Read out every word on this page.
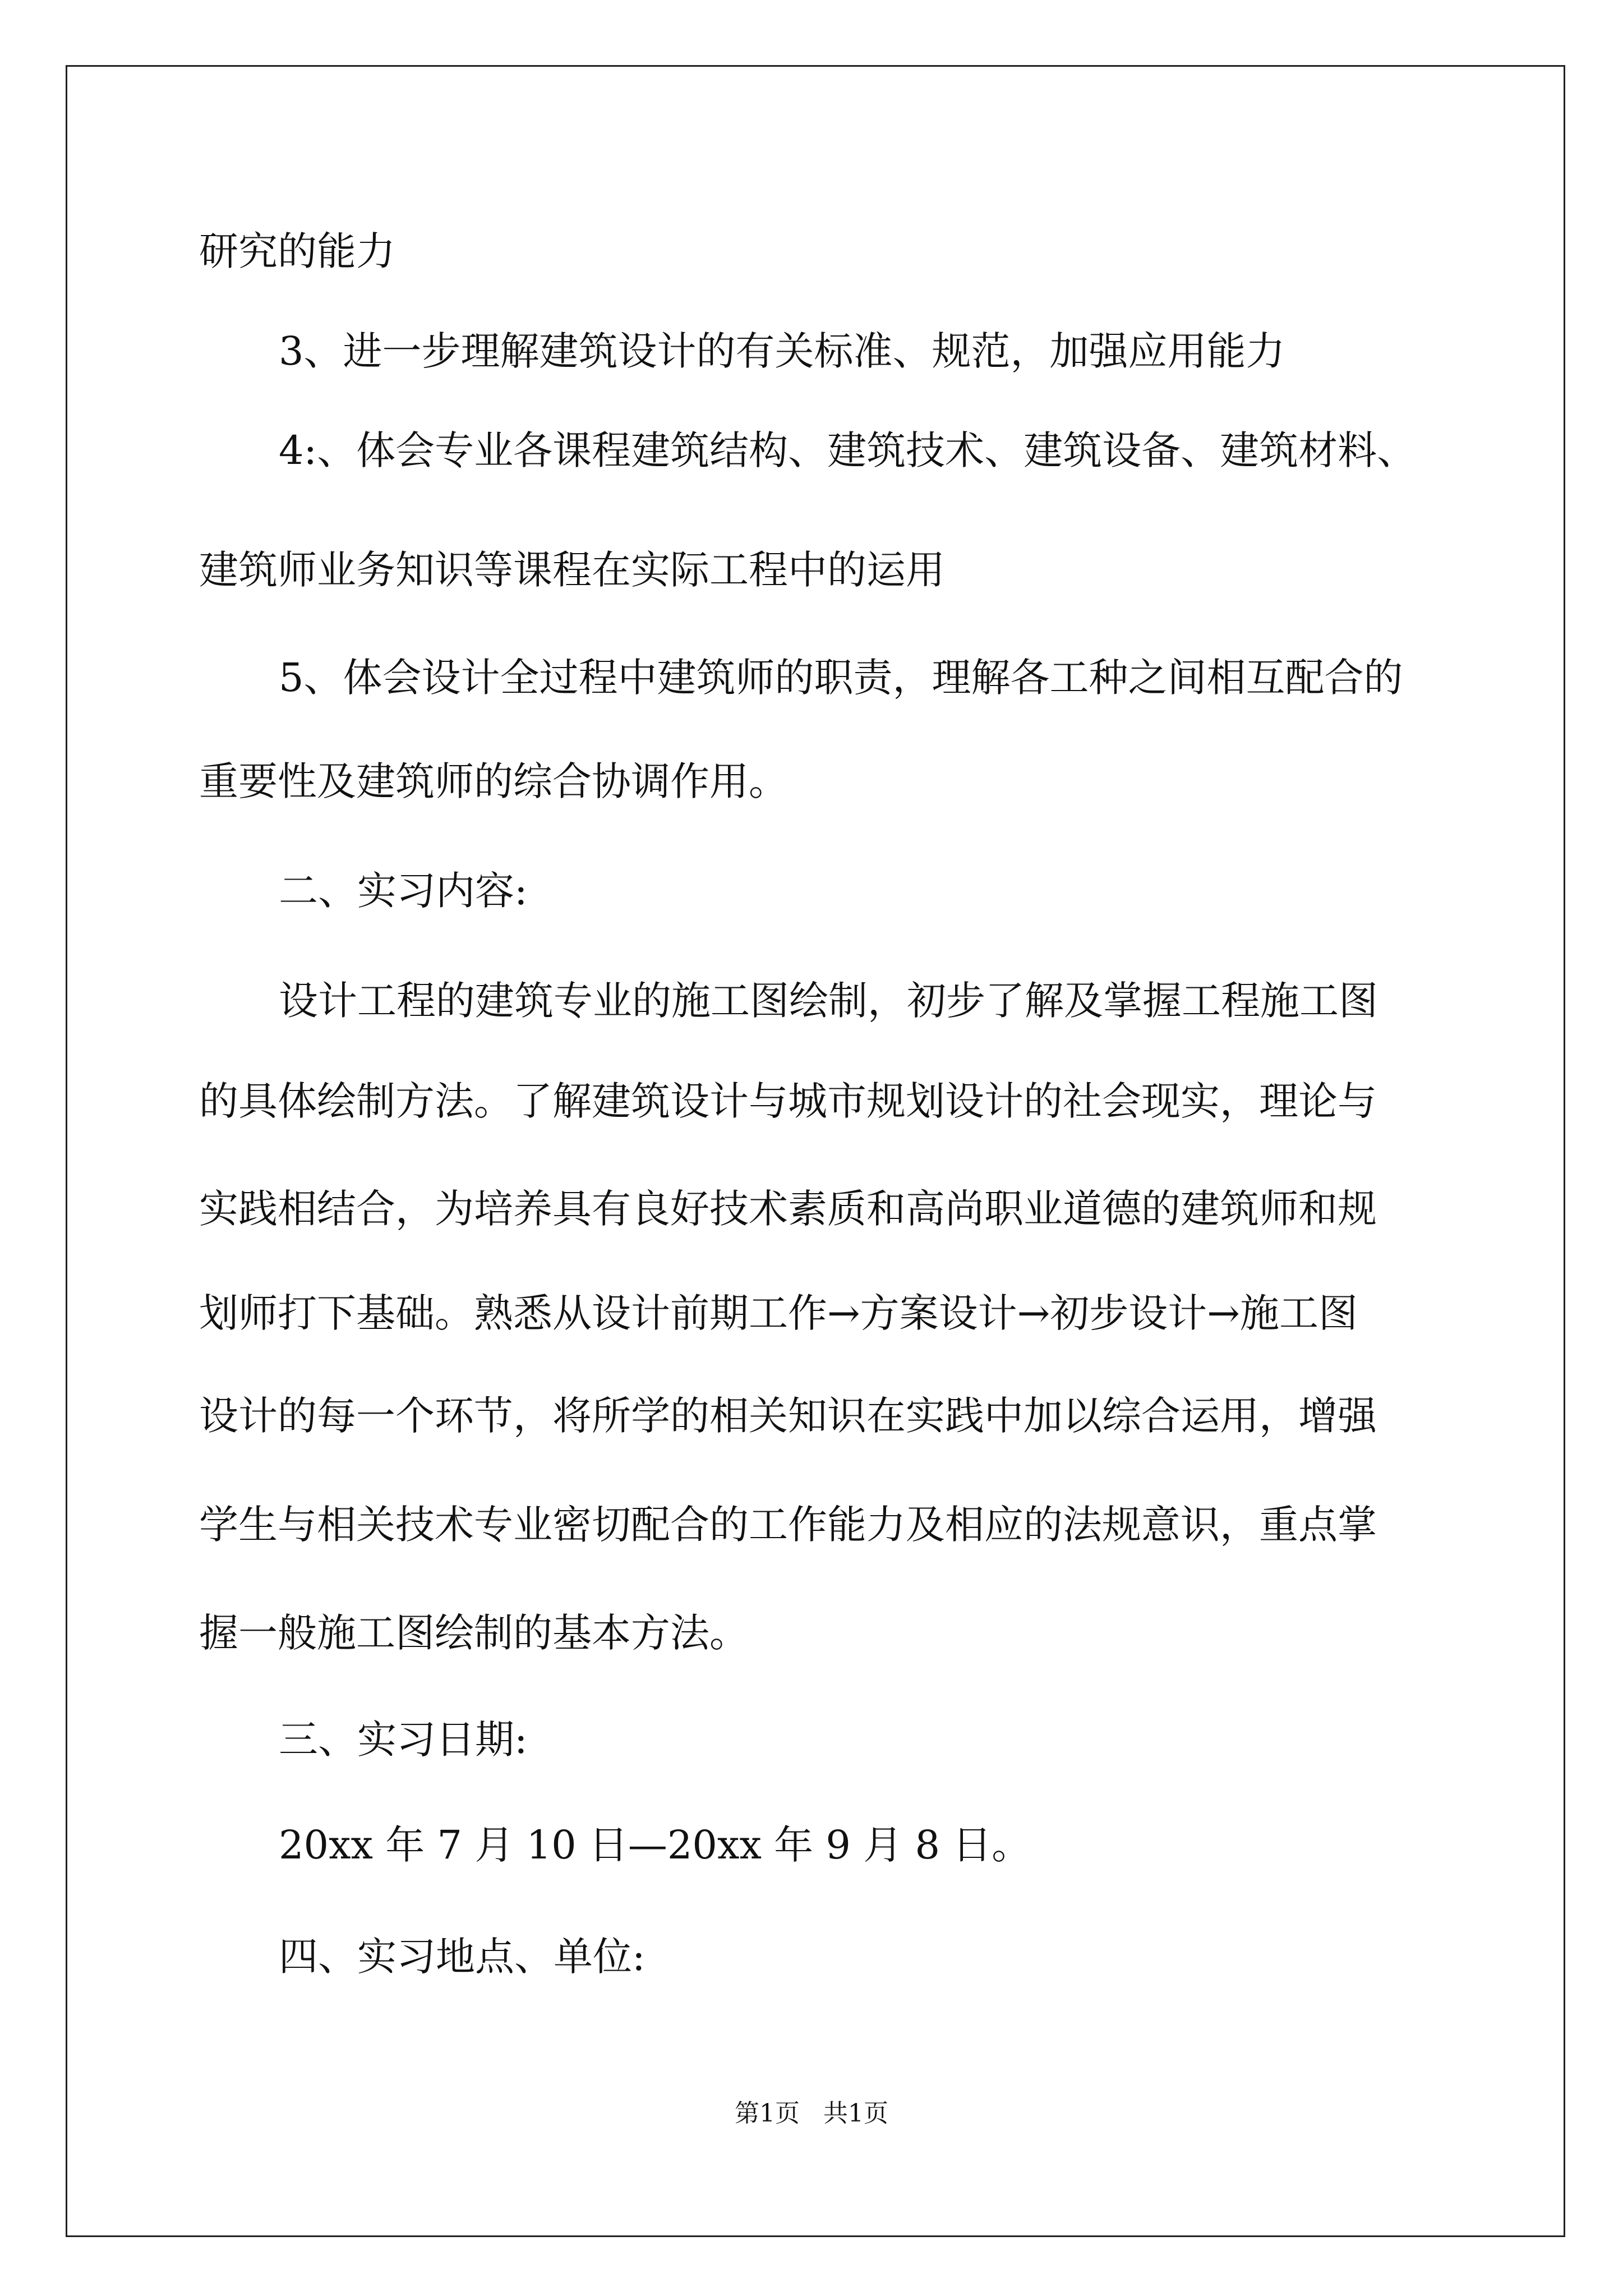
研究的能力
3、进一步理解建筑设计的有关标准、规范，加强应用能力
4:、体会专业各课程建筑结构、建筑技术、建筑设备、建筑材料、
建筑师业务知识等课程在实际工程中的运用
5、体会设计全过程中建筑师的职责，理解各工种之间相互配合的
重要性及建筑师的综合协调作用。
二、实习内容:
设计工程的建筑专业的施工图绘制，初步了解及掌握工程施工图
的具体绘制方法。了解建筑设计与城市规划设计的社会现实，理论与
实践相结合，为培养具有良好技术素质和高尚职业道德的建筑师和规
划师打下基础。熟悉从设计前期工作→方案设计→初步设计→施工图
设计的每一个环节，将所学的相关知识在实践中加以综合运用，增强
学生与相关技术专业密切配合的工作能力及相应的法规意识，重点掌
握一般施工图绘制的基本方法。
三、实习日期:
20xx 年 7 月 10 日—20xx 年 9 月 8 日。
四、实习地点、单位:
第1页   共1页
